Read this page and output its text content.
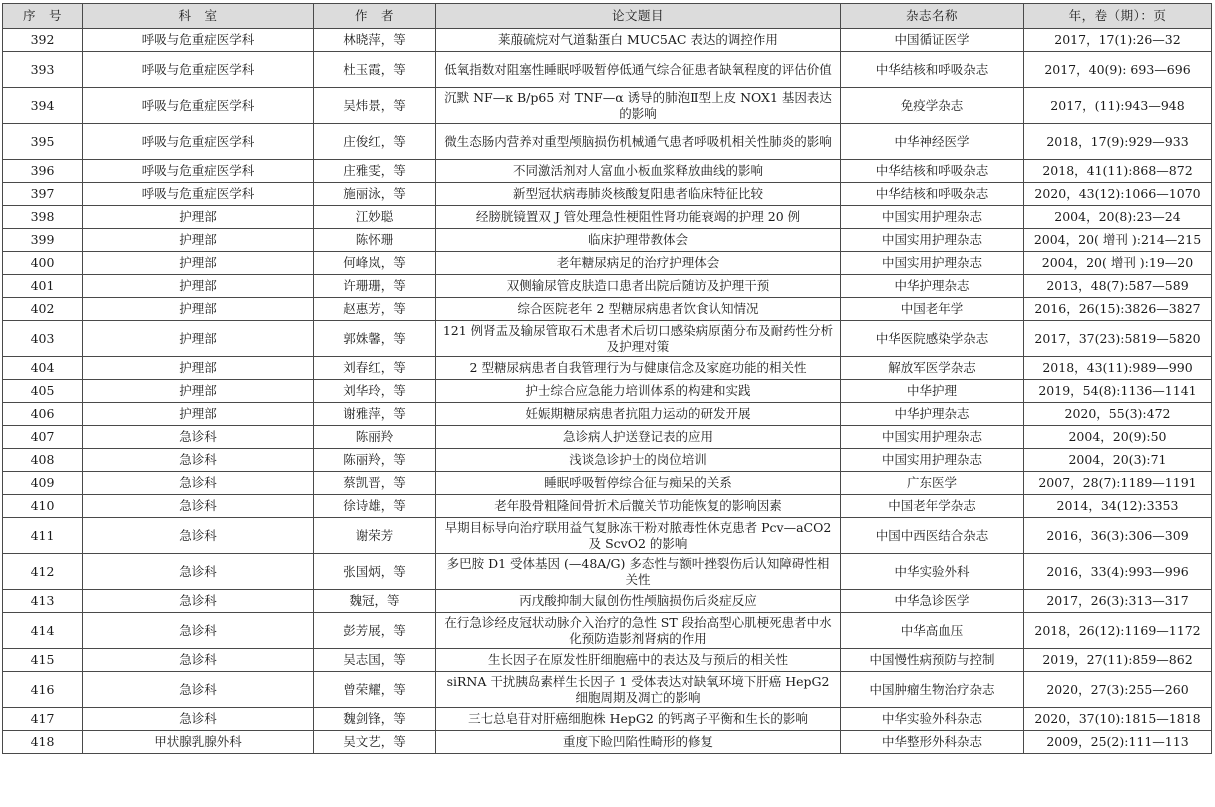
序　号	科　室	作　者	论文题目	杂志名称	年，卷（期）：页
392	呼吸与危重症医学科	林晓萍，等	莱菔硫烷对气道黏蛋白 MUC5AC 表达的调控作用	中国循证医学	2017，17(1):26—32
393	呼吸与危重症医学科	杜玉霞，等	低氧指数对阻塞性睡眠呼吸暂停低通气综合征患者缺氧程度的评估价值	中华结核和呼吸杂志	2017，40(9): 693—696
394	呼吸与危重症医学科	吴炜景，等	沉默 NF—κ B/p65 对 TNF—α 诱导的肺泡Ⅱ型上皮 NOX1 基因表达的影响	免疫学杂志	2017，(11):943—948
395	呼吸与危重症医学科	庄俊红，等	微生态肠内营养对重型颅脑损伤机械通气患者呼吸机相关性肺炎的影响	中华神经医学	2018，17(9):929—933
396	呼吸与危重症医学科	庄雅雯，等	不同激活剂对人富血小板血浆释放曲线的影响	中华结核和呼吸杂志	2018，41(11):868—872
397	呼吸与危重症医学科	施丽泳，等	新型冠状病毒肺炎核酸复阳患者临床特征比较	中华结核和呼吸杂志	2020，43(12):1066—1070
398	护理部	江妙聪	经膀胱镜置双 J 管处理急性梗阻性肾功能衰竭的护理 20 例	中国实用护理杂志	2004，20(8):23—24
399	护理部	陈怀珊	临床护理带教体会	中国实用护理杂志	2004，20( 增刊 ):214—215
400	护理部	何峰岚，等	老年糖尿病足的治疗护理体会	中国实用护理杂志	2004，20( 增刊 ):19—20
401	护理部	许珊珊，等	双侧输尿管皮肤造口患者出院后随访及护理干预	中华护理杂志	2013，48(7):587—589
402	护理部	赵惠芳，等	综合医院老年 2 型糖尿病患者饮食认知情况	中国老年学	2016，26(15):3826—3827
403	护理部	郭姝馨，等	121 例肾盂及输尿管取石术患者术后切口感染病原菌分布及耐药性分析及护理对策	中华医院感染学杂志	2017，37(23):5819—5820
404	护理部	刘春红，等	2 型糖尿病患者自我管理行为与健康信念及家庭功能的相关性	解放军医学杂志	2018，43(11):989—990
405	护理部	刘华玲，等	护士综合应急能力培训体系的构建和实践	中华护理	2019，54(8):1136—1141
406	护理部	谢雅萍，等	妊娠期糖尿病患者抗阻力运动的研发开展	中华护理杂志	2020，55(3):472
407	急诊科	陈丽羚	急诊病人护送登记表的应用	中国实用护理杂志	2004，20(9):50
408	急诊科	陈丽羚，等	浅谈急诊护士的岗位培训	中国实用护理杂志	2004，20(3):71
409	急诊科	蔡凯晋，等	睡眠呼吸暂停综合征与痴呆的关系	广东医学	2007，28(7):1189—1191
410	急诊科	徐诗雄，等	老年股骨粗隆间骨折术后髋关节功能恢复的影响因素	中国老年学杂志	2014，34(12):3353
411	急诊科	谢荣芳	早期目标导向治疗联用益气复脉冻干粉对脓毒性休克患者 Pcv—aCO2 及 ScvO2 的影响	中国中西医结合杂志	2016，36(3):306—309
412	急诊科	张国炳，等	多巴胺 D1 受体基因 (—48A/G) 多态性与额叶挫裂伤后认知障碍性相关性	中华实验外科	2016，33(4):993—996
413	急诊科	魏冠，等	丙戊酸抑制大鼠创伤性颅脑损伤后炎症反应	中华急诊医学	2017，26(3):313—317
414	急诊科	彭芳展，等	在行急诊经皮冠状动脉介入治疗的急性 ST 段抬高型心肌梗死患者中水化预防造影剂肾病的作用	中华高血压	2018，26(12):1169—1172
415	急诊科	吴志国，等	生长因子在原发性肝细胞癌中的表达及与预后的相关性	中国慢性病预防与控制	2019，27(11):859—862
416	急诊科	曾荣耀，等	siRNA 干扰胰岛素样生长因子 1 受体表达对缺氧环境下肝癌 HepG2 细胞周期及凋亡的影响	中国肿瘤生物治疗杂志	2020，27(3):255—260
417	急诊科	魏剑锋，等	三七总皂苷对肝癌细胞株 HepG2 的钙离子平衡和生长的影响	中华实验外科杂志	2020，37(10):1815—1818
418	甲状腺乳腺外科	吴文艺，等	重度下睑凹陷性畸形的修复	中华整形外科杂志	2009，25(2):111—113
